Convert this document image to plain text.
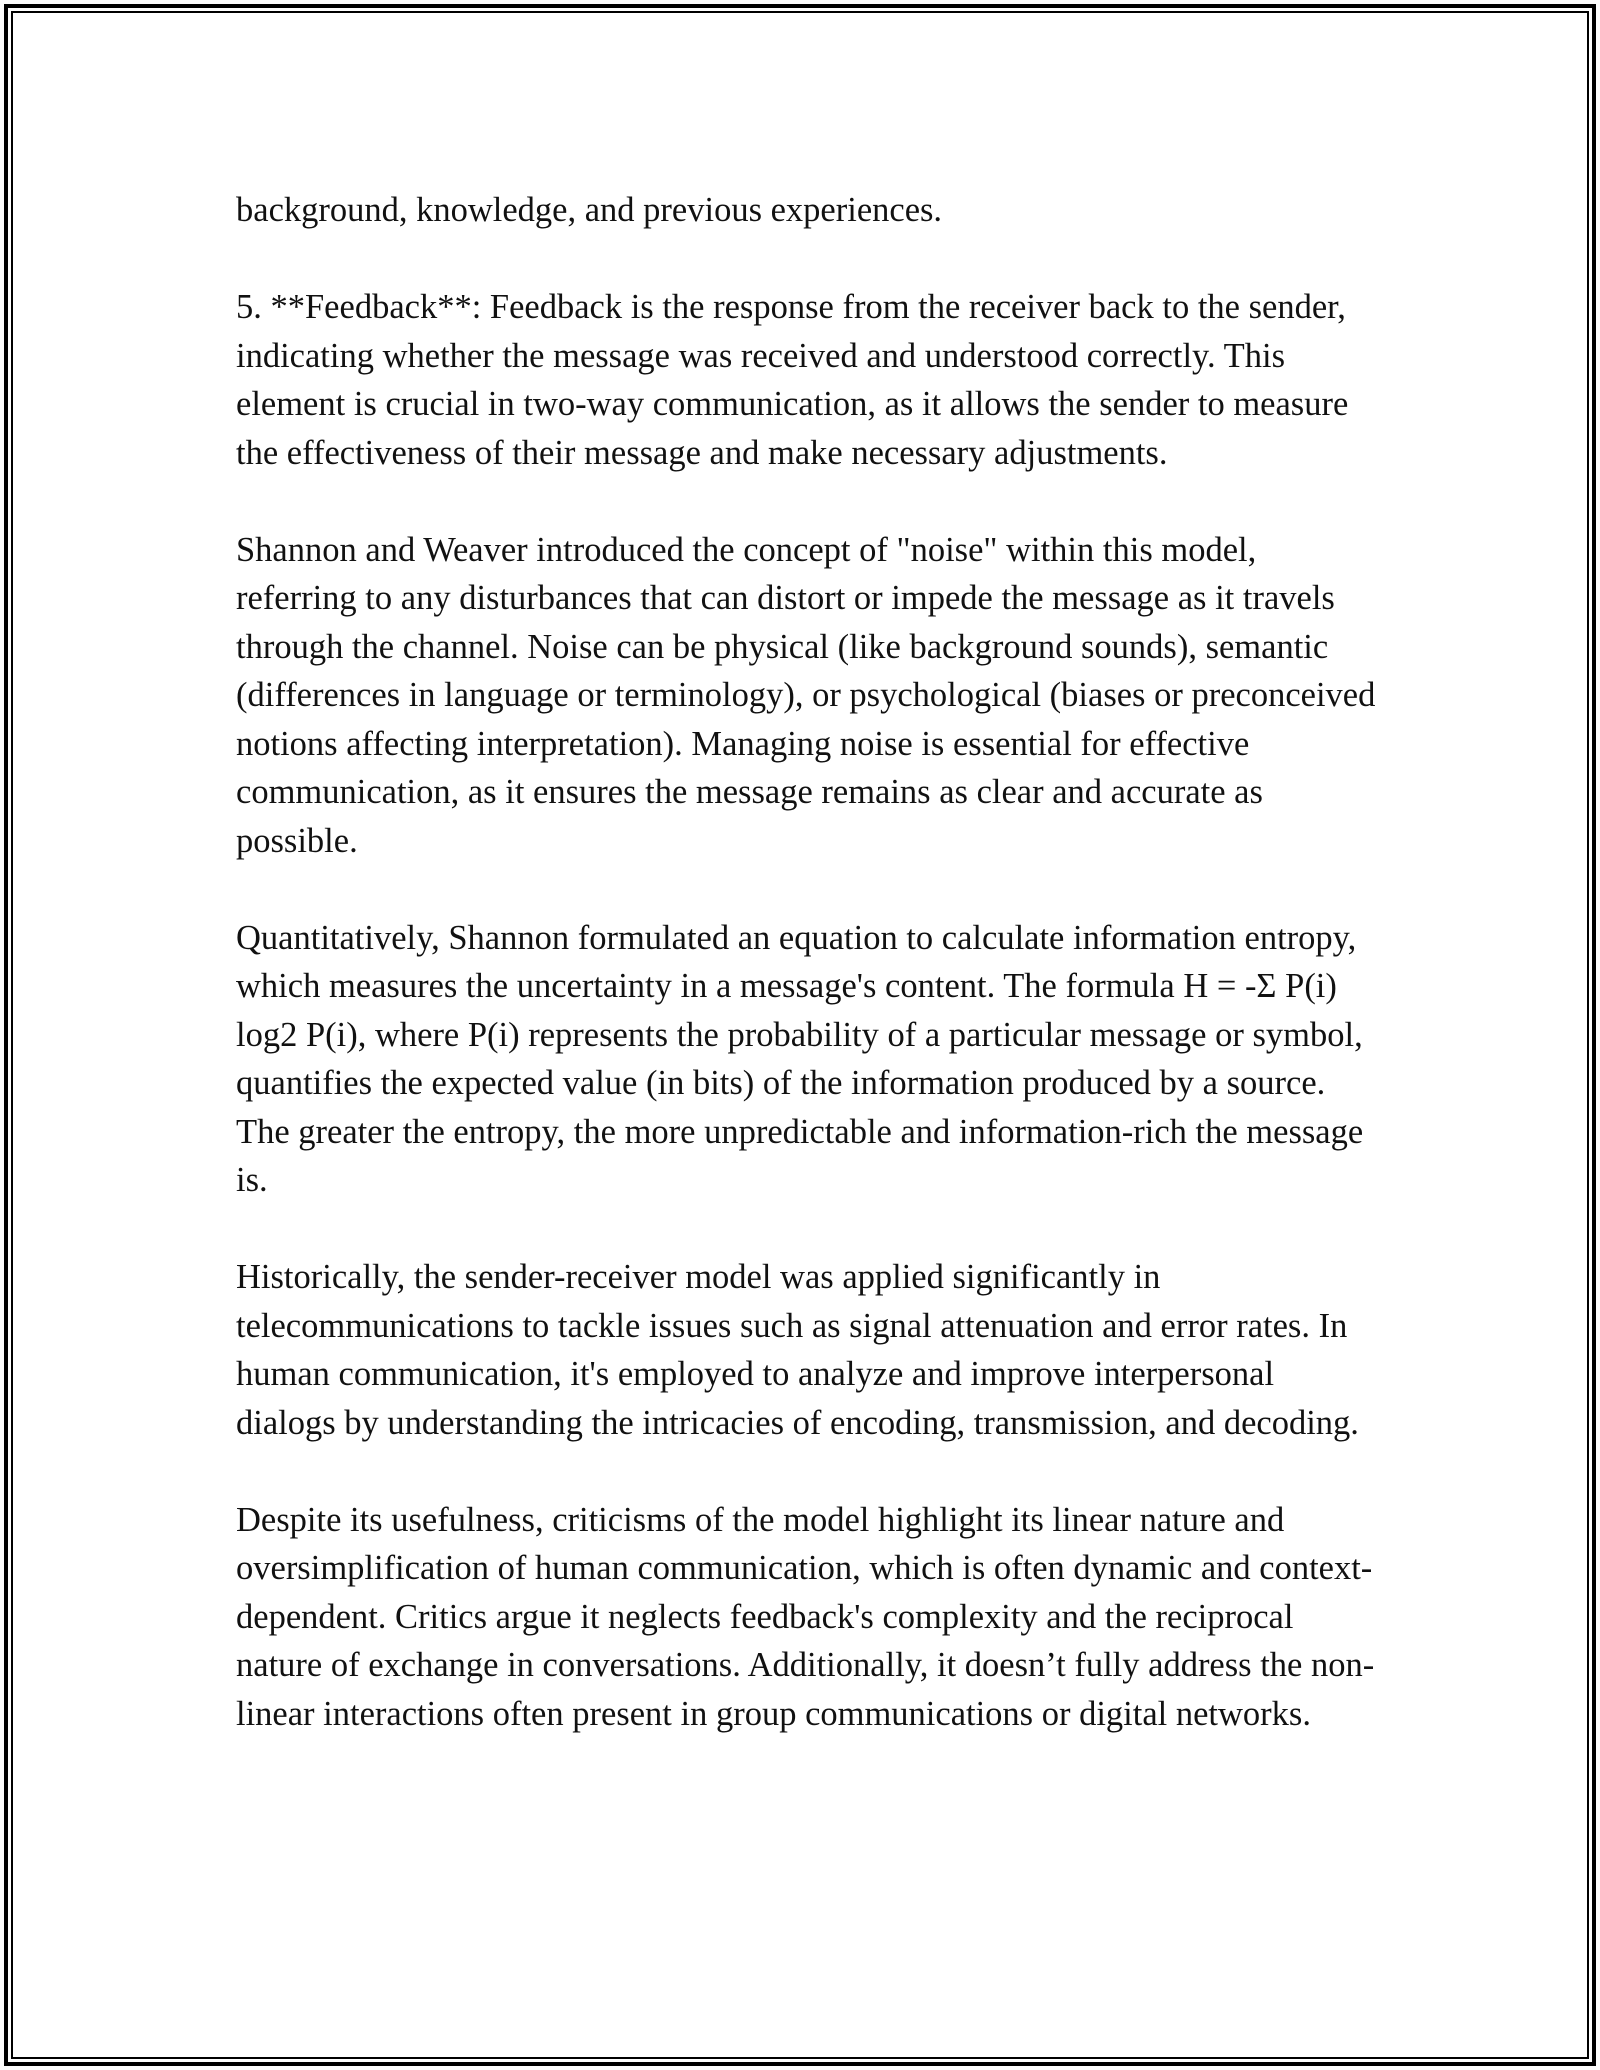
background, knowledge, and previous experiences.

5. **Feedback**: Feedback is the response from the receiver back to the sender, indicating whether the message was received and understood correctly. This element is crucial in two-way communication, as it allows the sender to measure the effectiveness of their message and make necessary adjustments.

Shannon and Weaver introduced the concept of "noise" within this model, referring to any disturbances that can distort or impede the message as it travels through the channel. Noise can be physical (like background sounds), semantic (differences in language or terminology), or psychological (biases or preconceived notions affecting interpretation). Managing noise is essential for effective communication, as it ensures the message remains as clear and accurate as possible.

Quantitatively, Shannon formulated an equation to calculate information entropy, which measures the uncertainty in a message's content. The formula H = -Σ P(i) log2 P(i), where P(i) represents the probability of a particular message or symbol, quantifies the expected value (in bits) of the information produced by a source. The greater the entropy, the more unpredictable and information-rich the message is.

Historically, the sender-receiver model was applied significantly in telecommunications to tackle issues such as signal attenuation and error rates. In human communication, it's employed to analyze and improve interpersonal dialogs by understanding the intricacies of encoding, transmission, and decoding.

Despite its usefulness, criticisms of the model highlight its linear nature and oversimplification of human communication, which is often dynamic and context-dependent. Critics argue it neglects feedback's complexity and the reciprocal nature of exchange in conversations. Additionally, it doesn’t fully address the non-linear interactions often present in group communications or digital networks.
